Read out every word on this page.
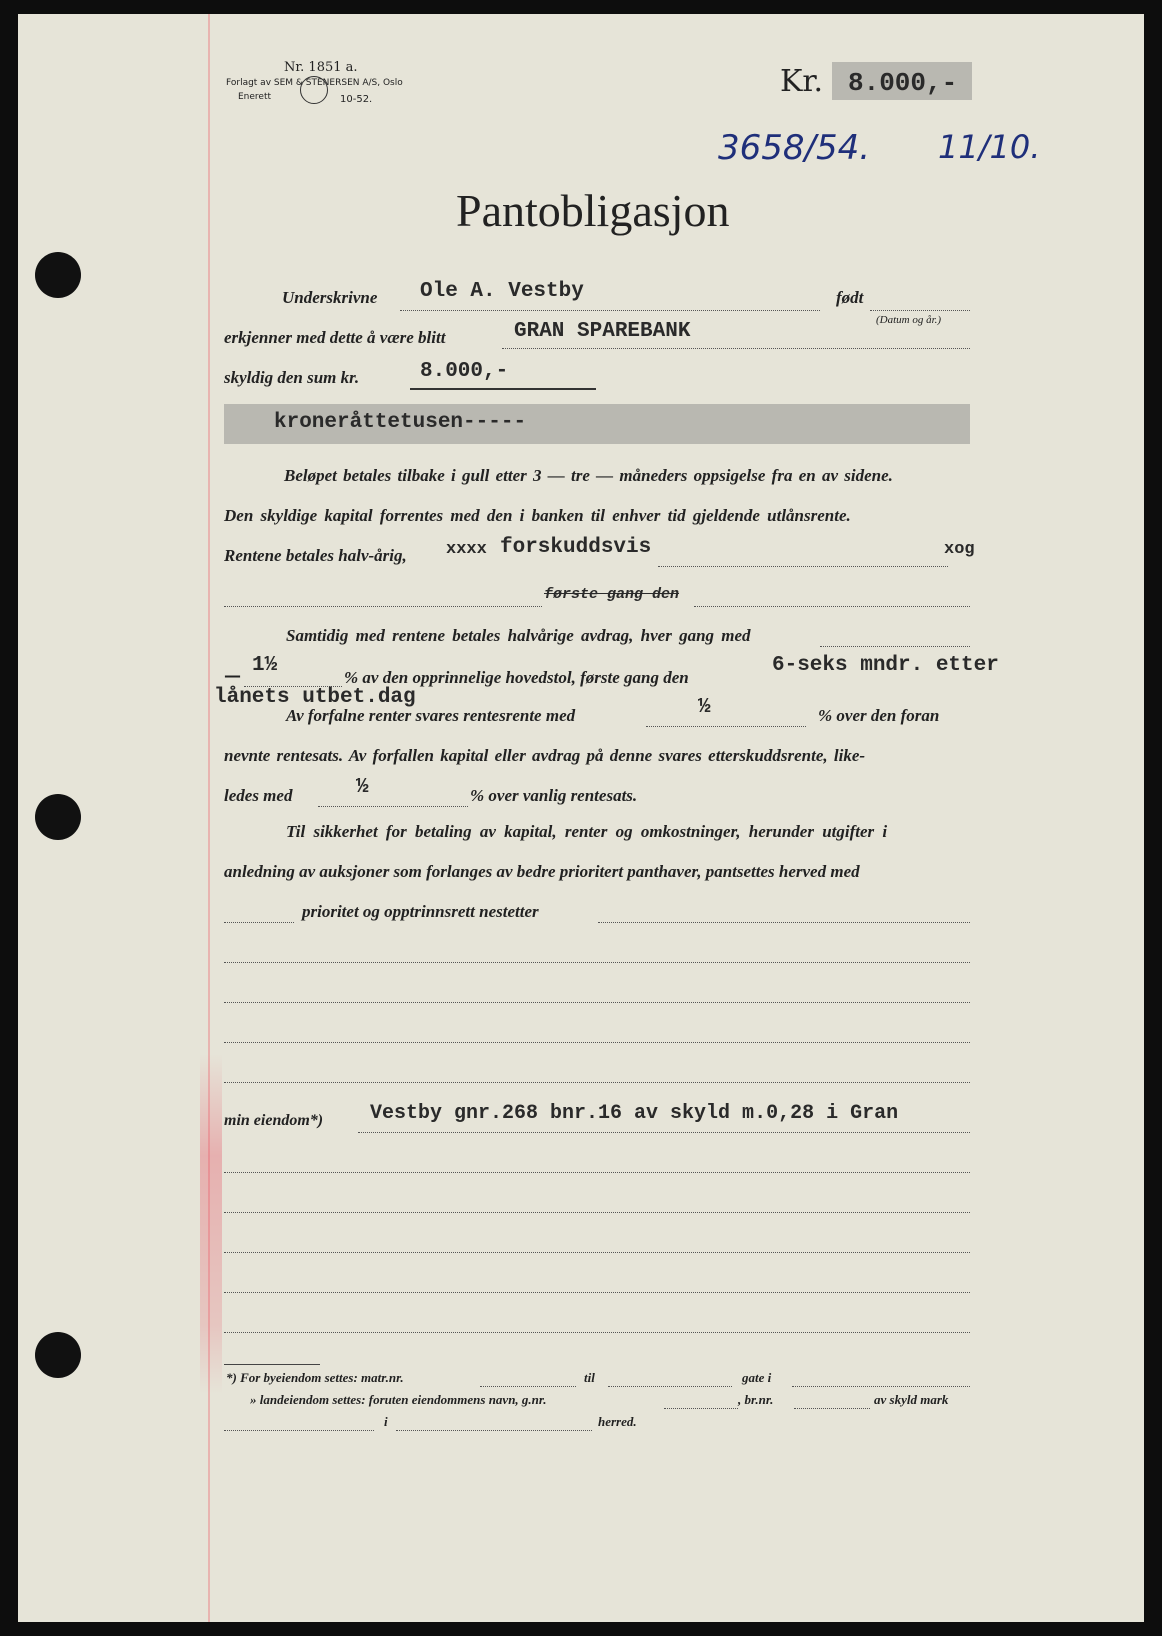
Nr. 1851 a.
Forlagt av SEM & STENERSEN A/S, Oslo
Enerett	10-52.
Kr. 8.000,-
3658/54. 11/10.
Pantobligasjon
Underskrivne Ole A. Vestby	født
(Datum og år.)
erkjenner med dette å være blitt	GRAN SPAREBANK
skyldig den sum kr.	8.000,-
kroneråttetusen-----
Beløpet betales tilbake i gull etter 3 — tre — måneders oppsigelse fra en av sidene.
Den skyldige kapital forrentes med den i banken til enhver tid gjeldende utlånsrente.
Rentene betales halv-årig, xxxx forskuddsvis	xog
første gang den
Samtidig med rentene betales halvårige avdrag, hver gang med
— 1½
% av den opprinnelige hovedstol, første gang den
6-seks mndr. etter
lånets utbet.dag
Av forfalne renter svares rentesrente med	½	% over den foran
nevnte rentesats. Av forfallen kapital eller avdrag på denne svares etterskuddsrente, like-
ledes med	½	% over vanlig rentesats.
Til sikkerhet for betaling av kapital, renter og omkostninger, herunder utgifter i
anledning av auksjoner som forlanges av bedre prioritert panthaver, pantsettes herved med
prioritet og opptrinnsrett nestetter
min eiendom*) Vestby gnr.268 bnr.16 av skyld m.0,28 i Gran
*) For byeiendom settes: matr.nr.	til	gate i
» landeiendom settes: foruten eiendommens navn, g.nr.	, br.nr.	av skyld mark
i	herred.
